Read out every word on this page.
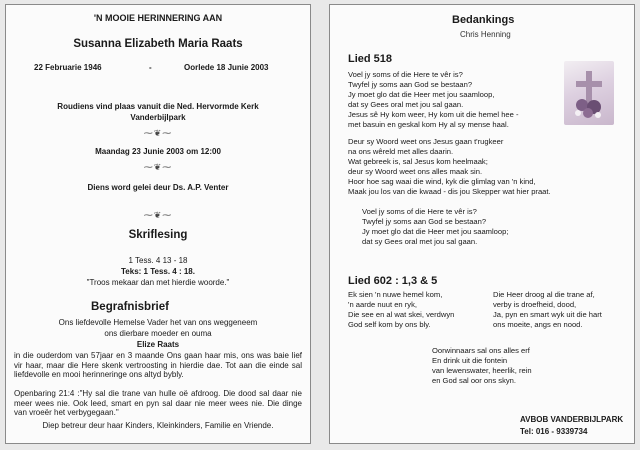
'N MOOIE HERINNERING AAN
Susanna Elizabeth Maria Raats
22 Februarie 1946	-	Oorlede 18 Junie 2003
Roudiens vind plaas vanuit die Ned. Hervormde Kerk
Vanderbijlpark
⁓❦⁓
Maandag 23 Junie 2003 om 12:00
⁓❦⁓
Diens word gelei deur Ds. A.P. Venter
⁓❦⁓
Skriflesing
1 Tess. 4 13 - 18
Teks: 1 Tess. 4 : 18.
"Troos mekaar dan met hierdie woorde."
Begrafnisbrief
Ons liefdevolle Hemelse Vader het van ons weggeneem
ons dierbare moeder en ouma
Elize Raats
in die ouderdom van 57jaar en 3 maande Ons gaan haar mis, ons was baie lief vir haar, maar die Here skenk vertroosting in hierdie dae. Tot aan die einde sal liefdevolle en mooi herinneringe ons altyd bybly.
Openbaring 21:4 :"Hy sal die trane van hulle oë afdroog. Die dood sal daar nie meer wees nie. Ook leed, smart en pyn sal daar nie meer wees nie. Die dinge van vroeër het verbygegaan."
Diep betreur deur haar Kinders, Kleinkinders, Familie en Vriende.
Bedankings
Chris Henning
Lied 518
Voel jy soms of die Here te vêr is?
Twyfel jy soms aan God se bestaan?
Jy moet glo dat die Heer met jou saamloop,
dat sy Gees oral met jou sal gaan.
Jesus sê Hy kom weer, Hy kom uit die hemel hee -
met basuin en geskal kom Hy al sy mense haal.
Deur sy Woord weet ons Jesus gaan t'rugkeer
na ons wêreld met alles daarin.
Wat gebreek is, sal Jesus kom heelmaak;
deur sy Woord weet ons alles maak sin.
Hoor hoe sag waai die wind, kyk die glimlag van 'n kind,
Maak jou los van die kwaad - dis jou Skepper wat hier praat.
Voel jy soms of die Here te vêr is?
Twyfel jy soms aan God se bestaan?
Jy moet glo dat die Heer met jou saamloop;
dat sy Gees oral met jou sal gaan.
Lied 602 : 1,3 & 5
Ek sien 'n nuwe hemel kom,
'n aarde nuut en ryk,
Die see en al wat skei, verdwyn
God self kom by ons bly.
Die Heer droog al die trane af,
verby is droefheid, dood,
Ja, pyn en smart wyk uit die hart
ons moeite, angs en nood.
Oorwinnaars sal ons alles erf
En drink uit die fontein
van lewenswater, heerlik, rein
en God sal oor ons skyn.
AVBOB VANDERBIJLPARK
Tel: 016 - 9339734
